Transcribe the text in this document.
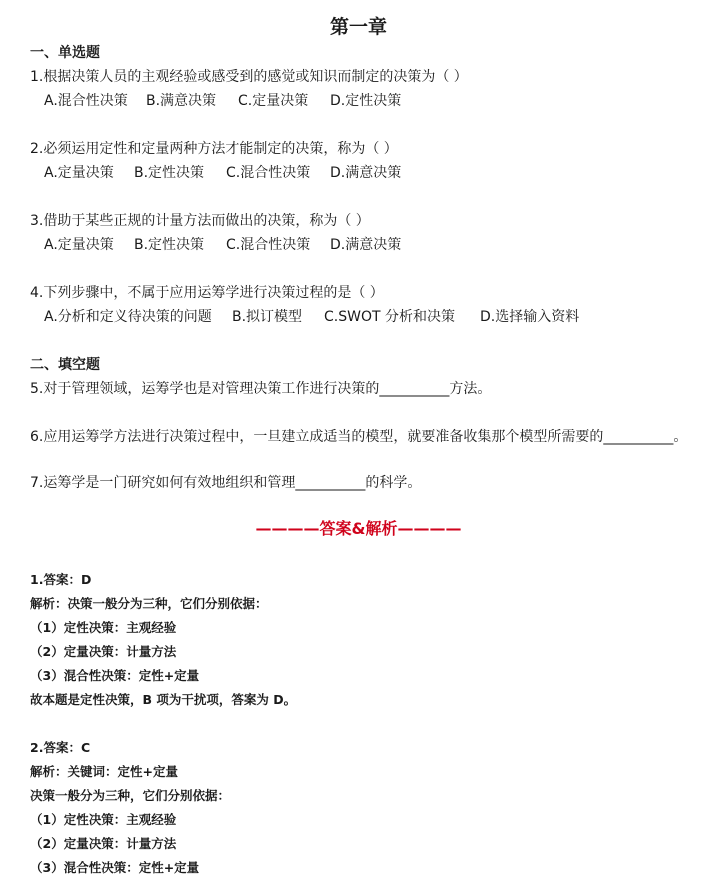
第一章
一、单选题
1.根据决策人员的主观经验或感受到的感觉或知识而制定的决策为（ ）
A.混合性决策 B.满意决策 C.定量决策 D.定性决策
2.必须运用定性和定量两种方法才能制定的决策，称为（ ）
A.定量决策 B.定性决策 C.混合性决策 D.满意决策
3.借助于某些正规的计量方法而做出的决策，称为（ ）
A.定量决策 B.定性决策 C.混合性决策 D.满意决策
4.下列步骤中，不属于应用运筹学进行决策过程的是（ ）
A.分析和定义待决策的问题 B.拟订模型 C.SWOT 分析和决策 D.选择输入资料
二、填空题
5.对于管理领域，运筹学也是对管理决策工作进行决策的__________方法。
6.应用运筹学方法进行决策过程中，一旦建立成适当的模型，就要准备收集那个模型所需要的__________。
7.运筹学是一门研究如何有效地组织和管理__________的科学。
————答案&解析————
1.答案：D
解析：决策一般分为三种，它们分别依据：
（1）定性决策：主观经验
（2）定量决策：计量方法
（3）混合性决策：定性+定量
故本题是定性决策，B 项为干扰项，答案为 D。
2.答案：C
解析：关键词：定性+定量
决策一般分为三种，它们分别依据：
（1）定性决策：主观经验
（2）定量决策：计量方法
（3）混合性决策：定性+定量
